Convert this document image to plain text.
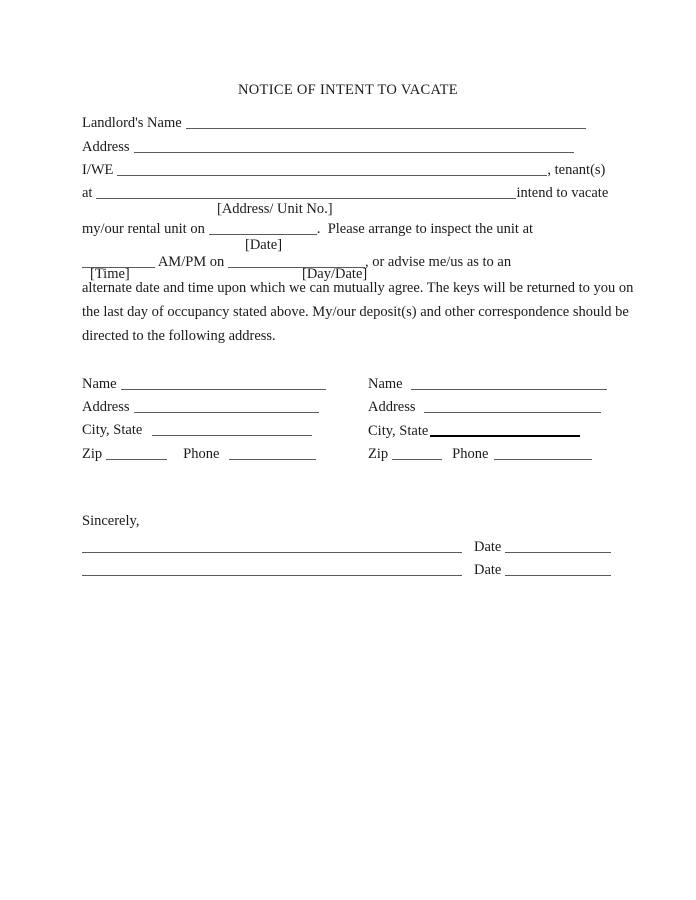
NOTICE OF INTENT TO VACATE
Landlord's Name
Address
I/WE	, tenant(s)
at	intend to vacate
[Address/ Unit No.]
my/our rental unit on	.  Please arrange to inspect the unit at
[Date]
AM/PM on	, or advise me/us as to an
[Time]	[Day/Date]
alternate date and time upon which we can mutually agree. The keys will be returned to you on
the last day of occupancy stated above. My/our deposit(s) and other correspondence should be
directed to the following address.
Name
Address
City, State
Zip	Phone
Name
Address
City, State
Zip	Phone
Sincerely,
Date
Date
